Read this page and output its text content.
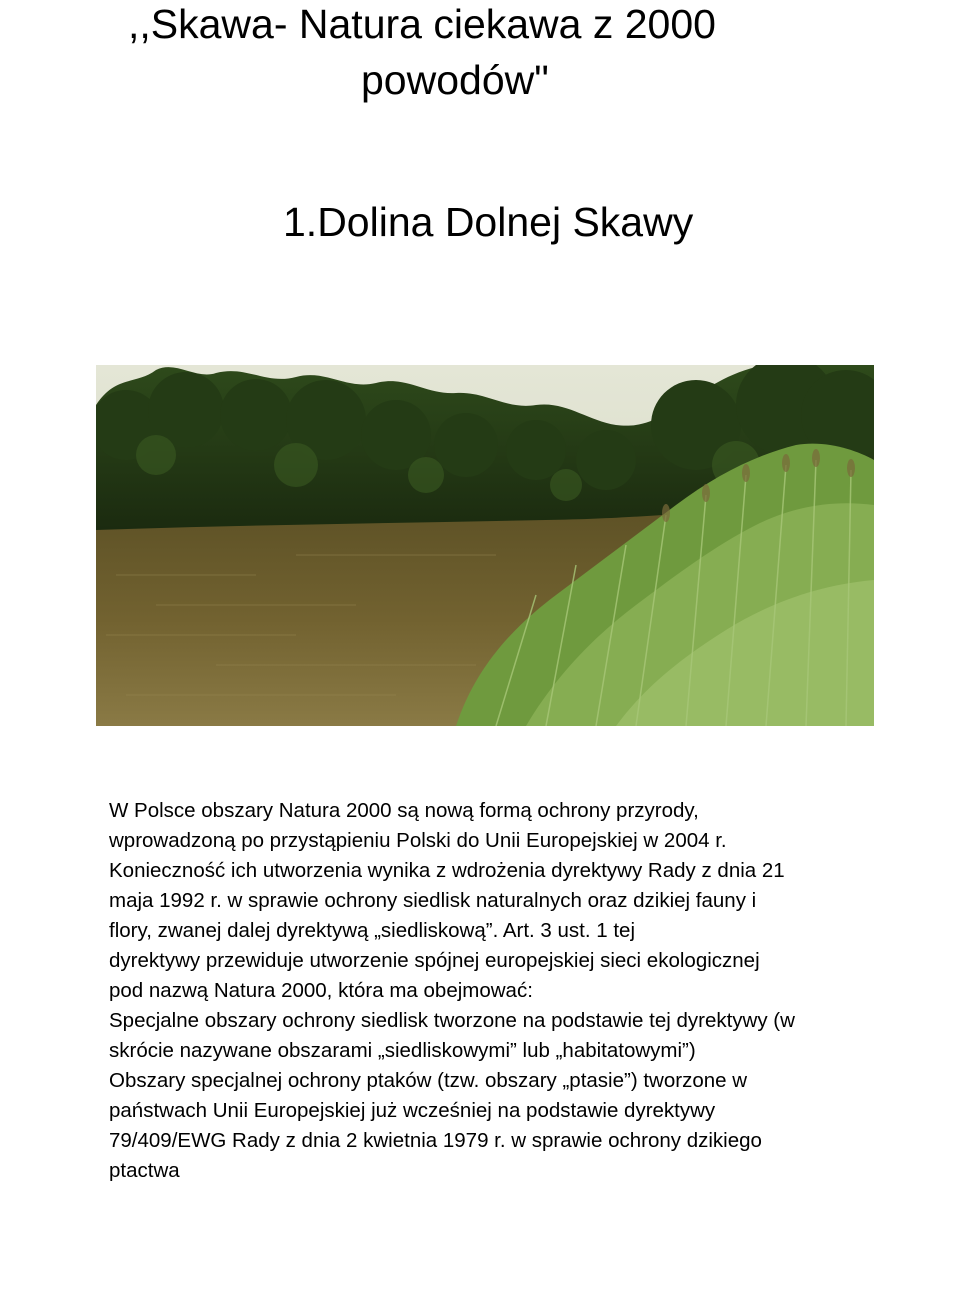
,,Skawa- Natura ciekawa z 2000
powodów"
1.Dolina Dolnej Skawy
W Polsce obszary Natura 2000 są nową formą ochrony przyrody,
wprowadzoną po przystąpieniu Polski do Unii Europejskiej w 2004 r.
Konieczność ich utworzenia wynika z wdrożenia dyrektywy Rady z dnia 21
maja 1992 r. w sprawie ochrony siedlisk naturalnych oraz dzikiej fauny i
flory, zwanej dalej dyrektywą „siedliskową”. Art. 3 ust. 1 tej
dyrektywy przewiduje utworzenie spójnej europejskiej sieci ekologicznej
pod nazwą Natura 2000, która ma obejmować:
Specjalne obszary ochrony siedlisk tworzone na podstawie tej dyrektywy (w
skrócie nazywane obszarami „siedliskowymi” lub „habitatowymi”)
Obszary specjalnej ochrony ptaków (tzw. obszary „ptasie”) tworzone w
państwach Unii Europejskiej już wcześniej na podstawie dyrektywy
79/409/EWG Rady z dnia 2 kwietnia 1979 r. w sprawie ochrony dzikiego
ptactwa
